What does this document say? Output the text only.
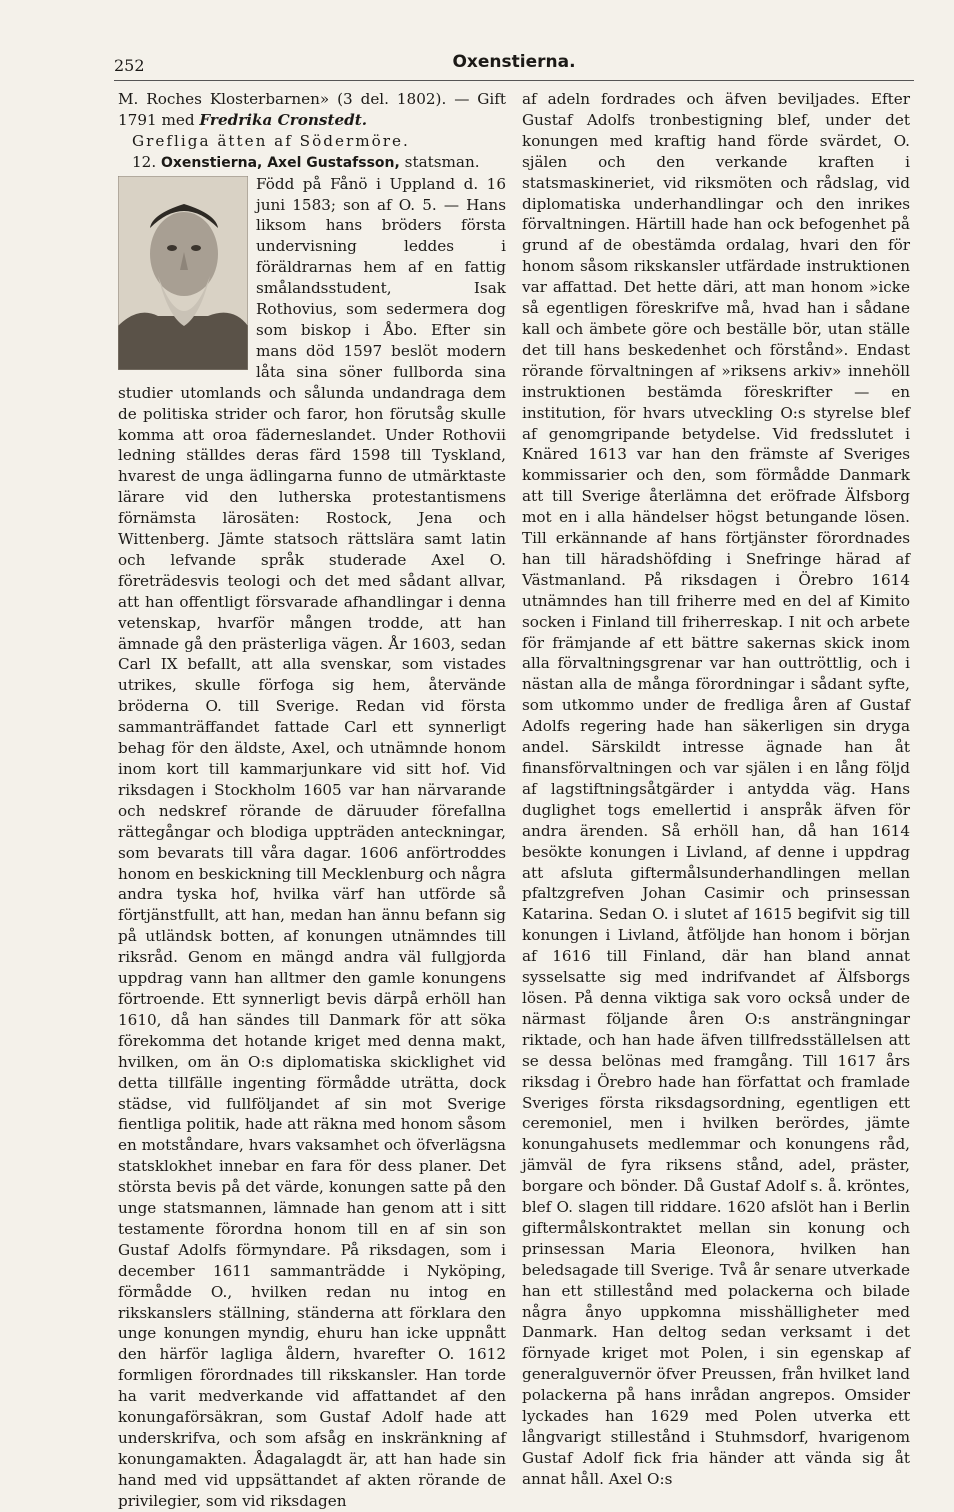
252	Oxenstierna.

M. Roches Klosterbarnen» (3 del. 1802). — Gift 1791 med Fredrika Cronstedt.

Grefliga ätten af Södermöre.

12. Oxenstierna, Axel Gustafsson, statsman.

Född på Fånö i Uppland d. 16 juni 1583; son af O. 5. — Hans liksom hans bröders första undervisning leddes i föräldrarnas hem af en fattig smålandsstudent, Isak Rothovius, som sedermera dog som biskop i Åbo. Efter sin mans död 1597 beslöt modern låta sina söner fullborda sina studier utomlands och sålunda undandraga dem de politiska strider och faror, hon förutsåg skulle komma att oroa fäderneslandet. Under Rothovii ledning ställdes deras färd 1598 till Tyskland, hvarest de unga ädlingarna funno de utmärktaste lärare vid den lutherska protestantismens förnämsta lärosäten: Rostock, Jena och Wittenberg. Jämte statsoch rättslära samt latin och lefvande språk studerade Axel O. företrädesvis teologi och det med sådant allvar, att han offentligt försvarade afhandlingar i denna vetenskap, hvarför mången trodde, att han ämnade gå den prästerliga vägen. År 1603, sedan Carl IX befallt, att alla svenskar, som vistades utrikes, skulle förfoga sig hem, återvände bröderna O. till Sverige. Redan vid första sammanträffandet fattade Carl ett synnerligt behag för den äldste, Axel, och utnämnde honom inom kort till kammarjunkare vid sitt hof. Vid riksdagen i Stockholm 1605 var han närvarande och nedskref rörande de däruuder förefallna rättegångar och blodiga uppträden anteckningar, som bevarats till våra dagar. 1606 anförtroddes honom en beskickning till Mecklenburg och några andra tyska hof, hvilka värf han utförde så förtjänstfullt, att han, medan han ännu befann sig på utländsk botten, af konungen utnämndes till riksråd. Genom en mängd andra väl fullgjorda uppdrag vann han alltmer den gamle konungens förtroende. Ett synnerligt bevis därpå erhöll han 1610, då han sändes till Danmark för att söka förekomma det hotande kriget med denna makt, hvilken, om än O:s diplomatiska skicklighet vid detta tillfälle ingenting förmådde uträtta, dock städse, vid fullföljandet af sin mot Sverige fientliga politik, hade att räkna med honom såsom en motståndare, hvars vaksamhet och öfverlägsna statsklokhet innebar en fara för dess planer. Det största bevis på det värde, konungen satte på den unge statsmannen, lämnade han genom att i sitt testamente förordna honom till en af sin son Gustaf Adolfs förmyndare. På riksdagen, som i december 1611 sammanträdde i Nyköping, förmådde O., hvilken redan nu intog en rikskanslers ställning, ständerna att förklara den unge konungen myndig, ehuru han icke uppnått den härför lagliga åldern, hvarefter O. 1612 formligen förordnades till rikskansler. Han torde ha varit medverkande vid affattandet af den konungaförsäkran, som Gustaf Adolf hade att underskrifva, och som afsåg en inskränkning af konungamakten. Ådagalagdt är, att han hade sin hand med vid uppsättandet af akten rörande de privilegier, som vid riksdagen

af adeln fordrades och äfven beviljades. Efter Gustaf Adolfs tronbestigning blef, under det konungen med kraftig hand förde svärdet, O. själen och den verkande kraften i statsmaskineriet, vid riksmöten och rådslag, vid diplomatiska underhandlingar och den inrikes förvaltningen. Härtill hade han ock befogenhet på grund af de obestämda ordalag, hvari den för honom såsom rikskansler utfärdade instruktionen var affattad. Det hette däri, att man honom »icke så egentligen föreskrifve må, hvad han i sådane kall och ämbete göre och beställe bör, utan ställe det till hans beskedenhet och förstånd». Endast rörande förvaltningen af »riksens arkiv» innehöll instruktionen bestämda föreskrifter — en institution, för hvars utveckling O:s styrelse blef af genomgripande betydelse. Vid fredsslutet i Knäred 1613 var han den främste af Sveriges kommissarier och den, som förmådde Danmark att till Sverige återlämna det eröfrade Älfsborg mot en i alla händelser högst betungande lösen. Till erkännande af hans förtjänster förordnades han till häradshöfding i Snefringe härad af Västmanland. På riksdagen i Örebro 1614 utnämndes han till friherre med en del af Kimito socken i Finland till friherreskap. I nit och arbete för främjande af ett bättre sakernas skick inom alla förvaltningsgrenar var han outtröttlig, och i nästan alla de många förordningar i sådant syfte, som utkommo under de fredliga åren af Gustaf Adolfs regering hade han säkerligen sin dryga andel. Särskildt intresse ägnade han åt finansförvaltningen och var själen i en lång följd af lagstiftningsåtgärder i antydda väg. Hans duglighet togs emellertid i anspråk äfven för andra ärenden. Så erhöll han, då han 1614 besökte konungen i Livland, af denne i uppdrag att afsluta giftermålsunderhandlingen mellan pfaltzgrefven Johan Casimir och prinsessan Katarina. Sedan O. i slutet af 1615 begifvit sig till konungen i Livland, åtföljde han honom i början af 1616 till Finland, där han bland annat sysselsatte sig med indrifvandet af Älfsborgs lösen. På denna viktiga sak voro också under de närmast följande åren O:s ansträngningar riktade, och han hade äfven tillfredsställelsen att se dessa belönas med framgång. Till 1617 års riksdag i Örebro hade han författat och framlade Sveriges första riksdagsordning, egentligen ett ceremoniel, men i hvilken berördes, jämte konungahusets medlemmar och konungens råd, jämväl de fyra riksens stånd, adel, präster, borgare och bönder. Då Gustaf Adolf s. å. kröntes, blef O. slagen till riddare. 1620 afslöt han i Berlin giftermålskontraktet mellan sin konung och prinsessan Maria Eleonora, hvilken han beledsagade till Sverige. Två år senare utverkade han ett stillestånd med polackerna och bilade några ånyo uppkomna misshälligheter med Danmark. Han deltog sedan verksamt i det förnyade kriget mot Polen, i sin egenskap af generalguvernör öfver Preussen, från hvilket land polackerna på hans inrådan angrepos. Omsider lyckades han 1629 med Polen utverka ett långvarigt stillestånd i Stuhmsdorf, hvarigenom Gustaf Adolf fick fria händer att vända sig åt annat håll. Axel O:s
